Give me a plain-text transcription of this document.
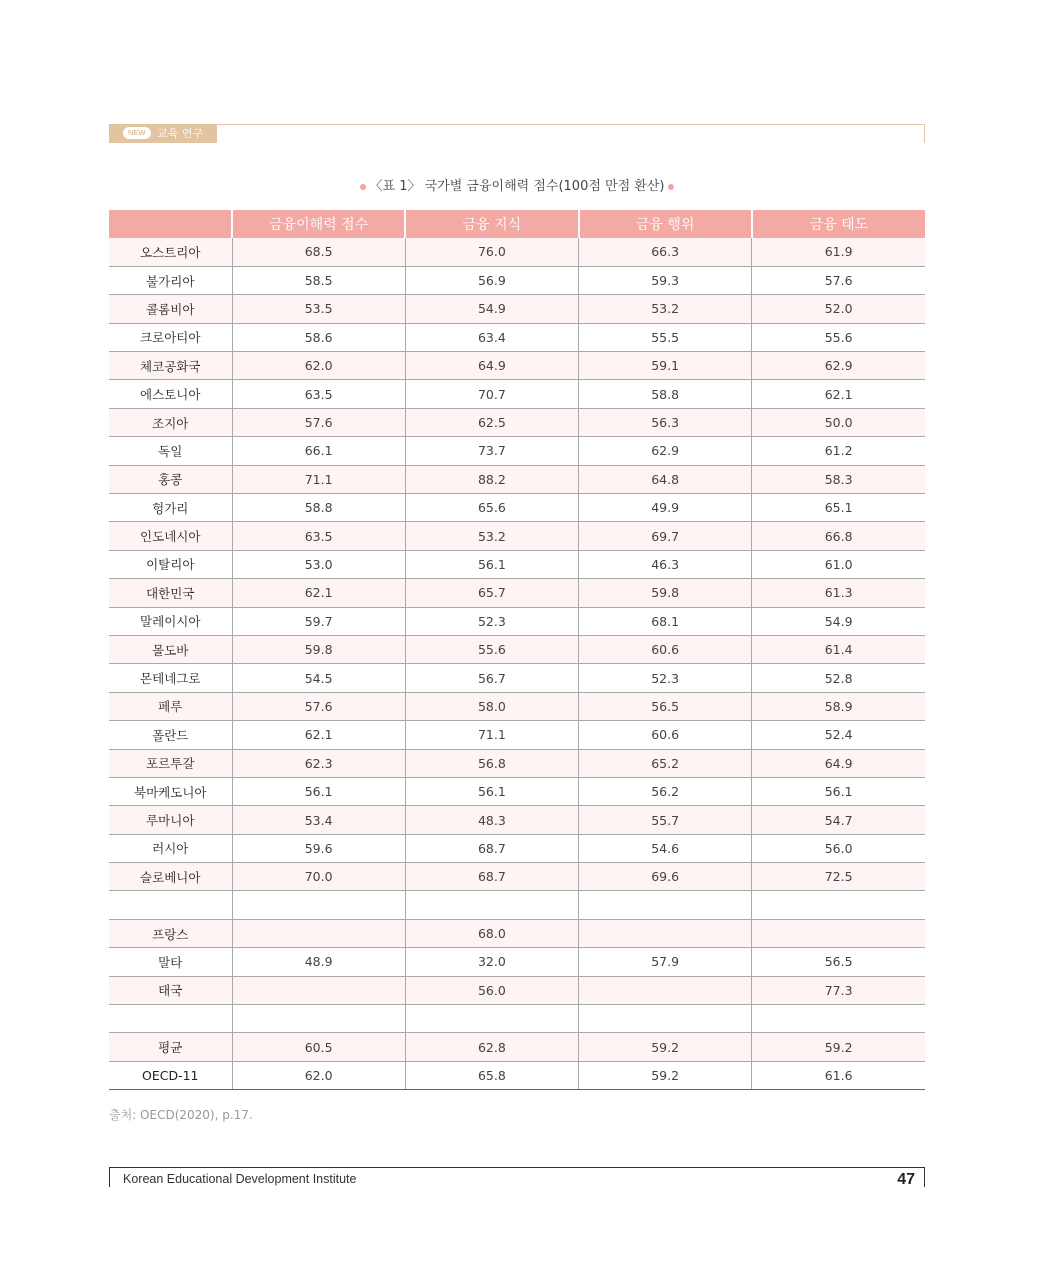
NEW	교육 연구
〈표 1〉 국가별 금융이해력 점수(100점 만점 환산)
	금융이해력 점수	금융 지식	금융 행위	금융 태도
오스트리아	68.5	76.0	66.3	61.9
불가리아	58.5	56.9	59.3	57.6
콜롬비아	53.5	54.9	53.2	52.0
크로아티아	58.6	63.4	55.5	55.6
체코공화국	62.0	64.9	59.1	62.9
에스토니아	63.5	70.7	58.8	62.1
조지아	57.6	62.5	56.3	50.0
독일	66.1	73.7	62.9	61.2
홍콩	71.1	88.2	64.8	58.3
헝가리	58.8	65.6	49.9	65.1
인도네시아	63.5	53.2	69.7	66.8
이탈리아	53.0	56.1	46.3	61.0
대한민국	62.1	65.7	59.8	61.3
말레이시아	59.7	52.3	68.1	54.9
몰도바	59.8	55.6	60.6	61.4
몬테네그로	54.5	56.7	52.3	52.8
페루	57.6	58.0	56.5	58.9
폴란드	62.1	71.1	60.6	52.4
포르투갈	62.3	56.8	65.2	64.9
북마케도니아	56.1	56.1	56.2	56.1
루마니아	53.4	48.3	55.7	54.7
러시아	59.6	68.7	54.6	56.0
슬로베니아	70.0	68.7	69.6	72.5

프랑스		68.0		
말타	48.9	32.0	57.9	56.5
태국		56.0		77.3

평균	60.5	62.8	59.2	59.2
OECD-11	62.0	65.8	59.2	61.6
출처: OECD(2020), p.17.
Korean Educational Development Institute	47
